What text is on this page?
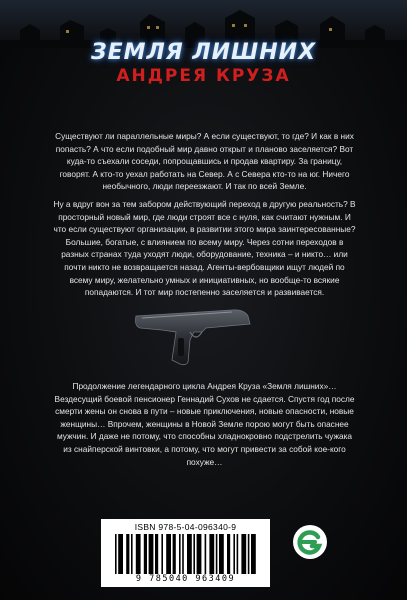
ЗЕМЛЯ ЛИШНИХ
АНДРЕЯ КРУЗА

Существуют ли параллельные миры? А если существуют, то где? И как в них попасть? А что если подобный мир давно открыт и планово заселяется? Вот куда-то съехали соседи, попрощавшись и продав квартиру. За границу, говорят. А кто-то уехал работать на Север. А с Севера кто-то на юг. Ничего необычного, люди переезжают. И так по всей Земле.

Ну а вдруг вон за тем забором действующий переход в другую реальность? В просторный новый мир, где люди строят все с нуля, как считают нужным. И что если существуют организации, в развитии этого мира заинтересованные? Большие, богатые, с влиянием по всему миру. Через сотни переходов в разных странах туда уходят люди, оборудование, техника – и никто… или почти никто не возвращается назад. Агенты-вербовщики ищут людей по всему миру, желательно умных и инициативных, но вообще-то всякие попадаются. И тот мир постепенно заселяется и развивается.

Продолжение легендарного цикла Андрея Круза «Земля лишних»… Вездесущий боевой пенсионер Геннадий Сухов не сдается. Спустя год после смерти жены он снова в пути – новые приключения, новые опасности, новые женщины… Впрочем, женщины в Новой Земле порою могут быть опаснее мужчин. И даже не потому, что способны хладнокровно подстрелить чужака из снайперской винтовки, а потому, что могут привести за собой кое-кого похуже…

ISBN 978-5-04-096340-9
9 785040 963409
